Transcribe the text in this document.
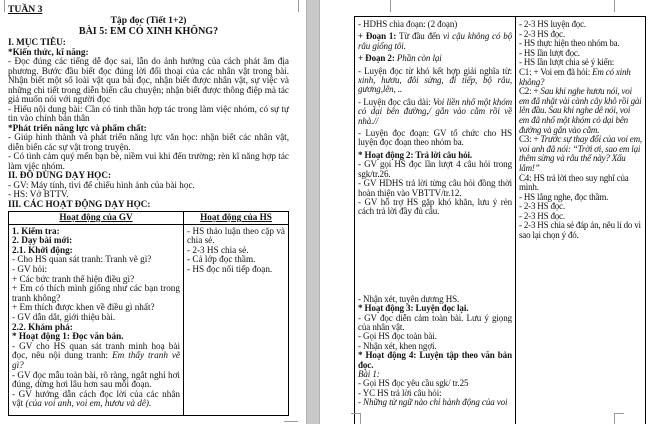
TUẦN 3

Tập đọc (Tiết 1+2)

BÀI 5: EM CÓ XINH KHÔNG?

I. MỤC TIÊU:

*Kiến thức, kĩ năng:

- Đọc đúng các tiếng dễ đọc sai, lẫn do ảnh hưởng của cách phát âm địa phương. Bước đầu biết đọc đúng lời đối thoại của các nhân vật trong bài. Nhận biết một số loài vật qua bài đọc, nhận biết được nhân vật, sự việc và những chi tiết trong diễn biến câu chuyện; nhận biết được thông điệp mà tác giả muốn nói với người đọc

- Hiểu nội dung bài: Cần có tinh thần hợp tác trong làm việc nhóm, có sự tự tin vào chính bản thân

*Phát triển năng lực và phẩm chất:

- Giúp hình thành và phát triển năng lực văn học: nhận biết các nhân vật, diễn biến các sự vật trong truyện.

- Có tình cảm quý mến bạn bè, niềm vui khi đến trường; rèn kĩ năng hợp tác làm việc nhóm.

II. ĐỒ DÙNG DẠY HỌC:

- GV: Máy tính, tivi để chiếu hình ảnh của bài học.

- HS: Vở BTTV.

III. CÁC HOẠT ĐỘNG DẠY HỌC:

Hoạt động của GV	Hoạt động của HS

1. Kiểm tra:

2. Dạy bài mới:

2.1. Khởi động:

- Cho HS quan sát tranh: Tranh vẽ gì?

- GV hỏi:

+ Các bức tranh thể hiện điều gì?

+ Em có thích mình giống như các bạn trong tranh không?

+ Em thích được khen về điều gì nhất?

- GV dẫn dắt, giới thiệu bài.

2.2. Khám phá:

* Hoạt động 1: Đọc văn bản.

- GV cho HS quan sát tranh minh hoạ bài đọc, nêu nội dung tranh: Em thấy tranh vẽ gì?

- GV đọc mẫu toàn bài, rõ ràng, ngắt nghỉ hơi đúng, dừng hơi lâu hơn sau mỗi đoạn.

- GV hướng dẫn cách đọc lời của các nhân vật (của voi anh, voi em, hươu và dê).

- HS thảo luận theo cặp và chia sẻ.

- 2-3 HS chia sẻ.

- Cả lớp đọc thầm.

- HS đọc nối tiếp đoạn.

- HDHS chia đoạn: (2 đoạn)

+ Đoạn 1: Từ đầu đến vì cậu không có bộ râu giống tôi.

+ Đoạn 2: Phần còn lại

- Luyện đọc từ khó kết hợp giải nghĩa từ: xinh, hươu, đôi sừng, đi tiếp, bộ râu, gương,lên, ..

- Luyện đọc câu dài: Voi liền nhổ một khóm cỏ dại bên đường,/ gắn vào cằm rồi về nhà.//

- Luyện đọc đoạn: GV tổ chức cho HS luyện đọc đoạn theo nhóm ba.

* Hoạt động 2: Trả lời câu hỏi.

- GV gọi HS đọc lần lượt 4 câu hỏi trong sgk/tr.26.

- GV HDHS trả lời từng câu hỏi đồng thời hoàn thiện vào VBTTV/tr.12.

- GV hỗ trợ HS gặp khó khăn, lưu ý rèn cách trả lời đầy đủ câu.

- Nhận xét, tuyên dương HS.

* Hoạt động 3: Luyện đọc lại.

- GV đọc diễn cảm toàn bài. Lưu ý giọng của nhân vật.

- Gọi HS đọc toàn bài.

- Nhận xét, khen ngợi.

* Hoạt động 4: Luyện tập theo văn bản đọc.

Bài 1:

- Gọi HS đọc yêu cầu sgk/ tr.25

- YC HS trả lời câu hỏi:

- Những từ ngữ nào chỉ hành động của voi

- 2-3 HS luyện đọc.

- 2-3 HS đọc.

- HS thực hiện theo nhóm ba.

- HS lần lượt đọc.

- HS lần lượt chia sẻ ý kiến:

C1: + Voi em đã hỏi: Em có xinh không?

C2: + Sau khi nghe hươu nói, voi em đã nhặt vài cành cây khô rồi gài lên đầu. Sau khi nghe dê nói, voi em đã nhổ một khóm cỏ dại bên đường và gắn vào cằm.

C3: + Trước sự thay đổi của voi em, voi anh đã nói: “Trời ơi, sao em lại thêm sừng và râu thế này? Xấu lắm!”

C4: HS trả lời theo suy nghĩ của mình.

- HS lắng nghe, đọc thầm.

- 2-3 HS đọc.

- 2-3 HS đọc.

- 2-3 HS chia sẻ đáp án, nêu lí do vì sao lại chọn ý đó.
